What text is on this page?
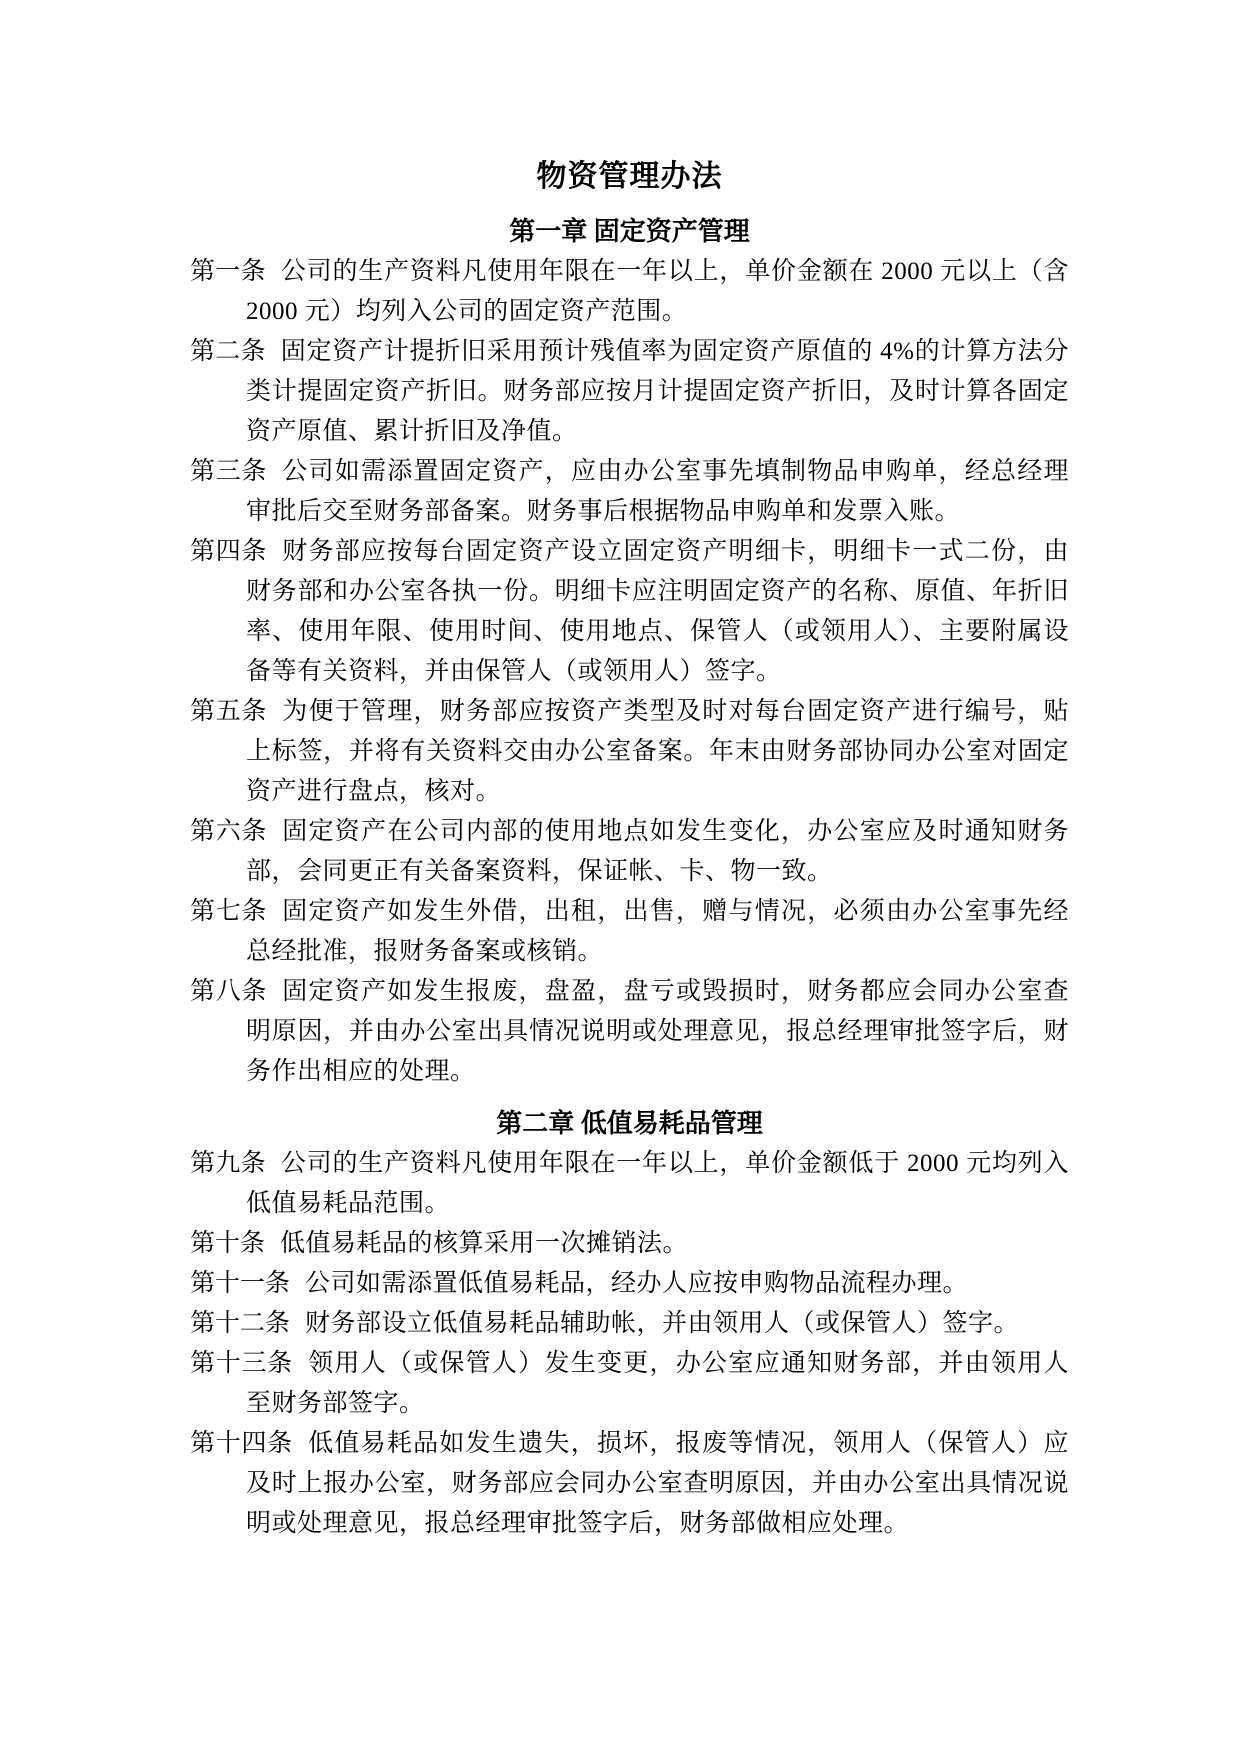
物资管理办法
第一章 固定资产管理

第一条 公司的生产资料凡使用年限在一年以上，单价金额在 2000 元以上（含 2000 元）均列入公司的固定资产范围。

第二条 固定资产计提折旧采用预计残值率为固定资产原值的 4%的计算方法分类计提固定资产折旧。财务部应按月计提固定资产折旧，及时计算各固定资产原值、累计折旧及净值。

第三条 公司如需添置固定资产，应由办公室事先填制物品申购单，经总经理审批后交至财务部备案。财务事后根据物品申购单和发票入账。

第四条 财务部应按每台固定资产设立固定资产明细卡，明细卡一式二份，由财务部和办公室各执一份。明细卡应注明固定资产的名称、原值、年折旧率、使用年限、使用时间、使用地点、保管人（或领用人）、主要附属设备等有关资料，并由保管人（或领用人）签字。

第五条 为便于管理，财务部应按资产类型及时对每台固定资产进行编号，贴上标签，并将有关资料交由办公室备案。年末由财务部协同办公室对固定资产进行盘点，核对。

第六条 固定资产在公司内部的使用地点如发生变化，办公室应及时通知财务部，会同更正有关备案资料，保证帐、卡、物一致。

第七条 固定资产如发生外借，出租，出售，赠与情况，必须由办公室事先经总经批准，报财务备案或核销。

第八条 固定资产如发生报废，盘盈，盘亏或毁损时，财务都应会同办公室查明原因，并由办公室出具情况说明或处理意见，报总经理审批签字后，财务作出相应的处理。

第二章 低值易耗品管理

第九条 公司的生产资料凡使用年限在一年以上，单价金额低于 2000 元均列入低值易耗品范围。

第十条 低值易耗品的核算采用一次摊销法。

第十一条 公司如需添置低值易耗品，经办人应按申购物品流程办理。

第十二条 财务部设立低值易耗品辅助帐，并由领用人（或保管人）签字。

第十三条 领用人（或保管人）发生变更，办公室应通知财务部，并由领用人至财务部签字。

第十四条 低值易耗品如发生遗失，损坏，报废等情况，领用人（保管人）应及时上报办公室，财务部应会同办公室查明原因，并由办公室出具情况说明或处理意见，报总经理审批签字后，财务部做相应处理。
